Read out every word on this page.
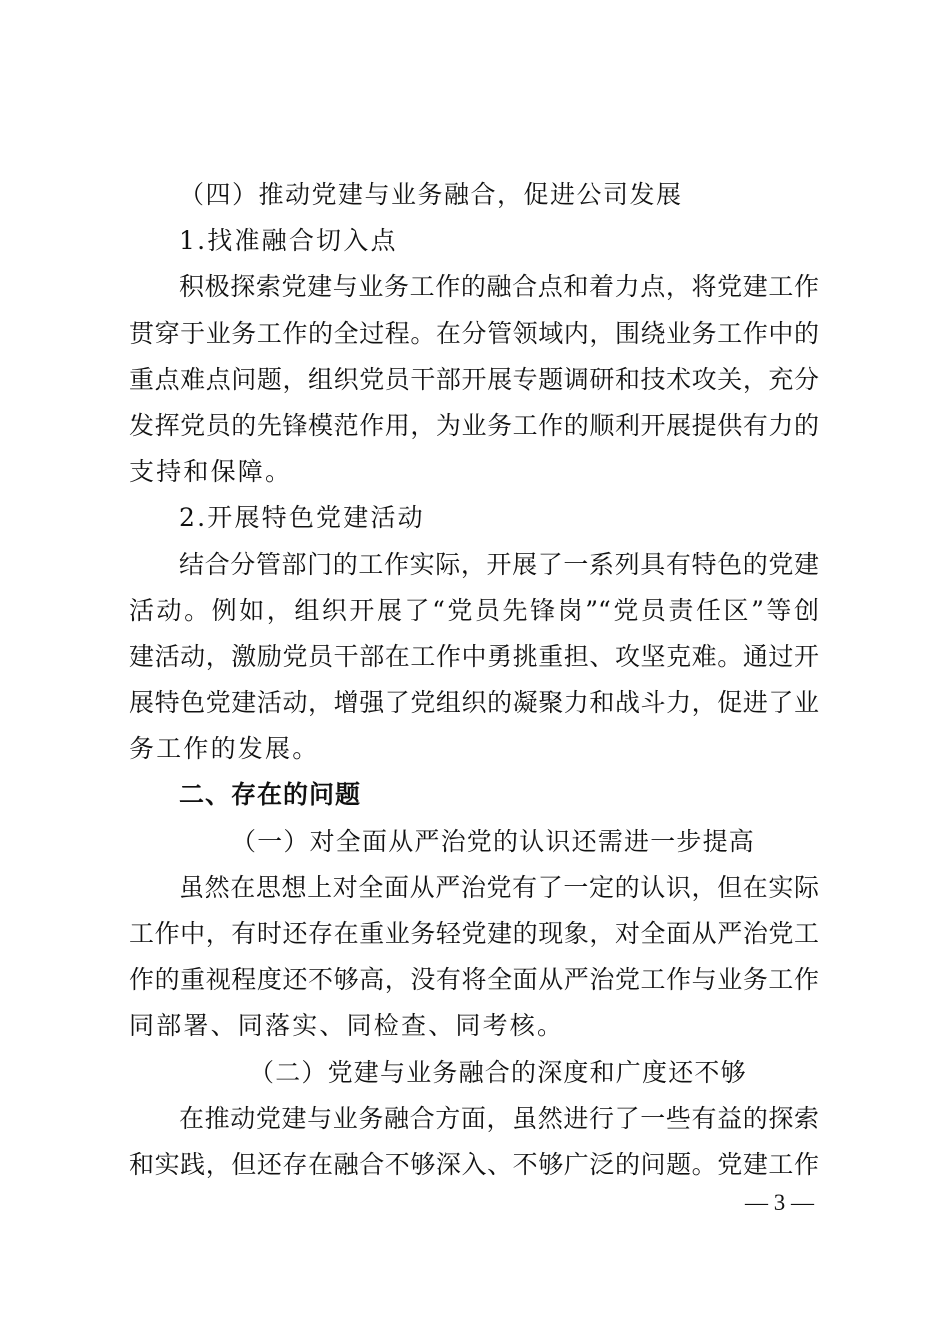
（四）推动党建与业务融合，促进公司发展
1.找准融合切入点
积极探索党建与业务工作的融合点和着力点，将党建工作
贯穿于业务工作的全过程。在分管领域内，围绕业务工作中的
重点难点问题，组织党员干部开展专题调研和技术攻关，充分
发挥党员的先锋模范作用，为业务工作的顺利开展提供有力的
支持和保障。
2.开展特色党建活动
结合分管部门的工作实际，开展了一系列具有特色的党建
活动。例如，组织开展了“党员先锋岗”“党员责任区”等创
建活动，激励党员干部在工作中勇挑重担、攻坚克难。通过开
展特色党建活动，增强了党组织的凝聚力和战斗力，促进了业
务工作的发展。
二、存在的问题
（一）对全面从严治党的认识还需进一步提高
虽然在思想上对全面从严治党有了一定的认识，但在实际
工作中，有时还存在重业务轻党建的现象，对全面从严治党工
作的重视程度还不够高，没有将全面从严治党工作与业务工作
同部署、同落实、同检查、同考核。
（二）党建与业务融合的深度和广度还不够
在推动党建与业务融合方面，虽然进行了一些有益的探索
和实践，但还存在融合不够深入、不够广泛的问题。党建工作
— 3 —
